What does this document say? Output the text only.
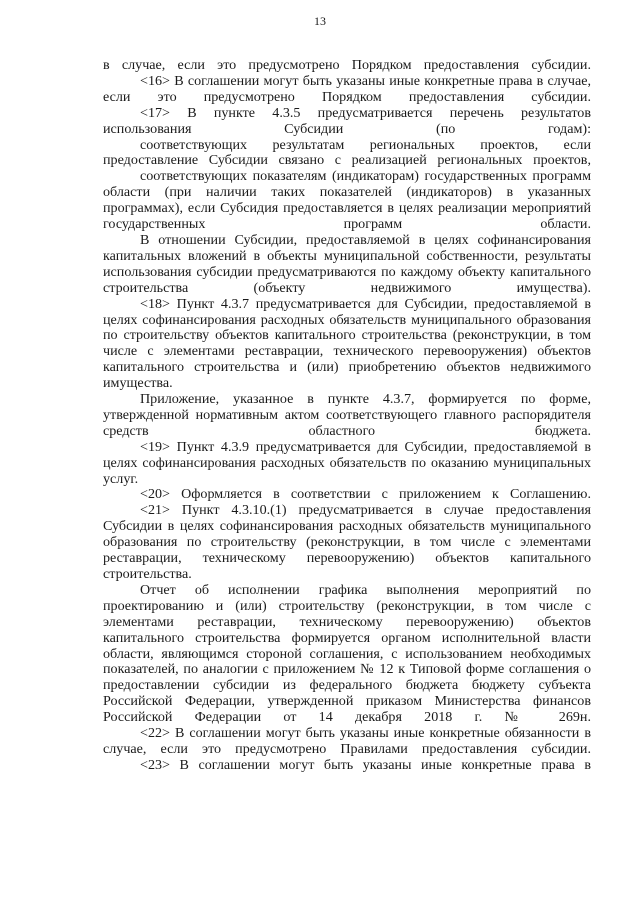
13

в случае, если это предусмотрено Порядком предоставления субсидии.

<16> В соглашении могут быть указаны иные конкретные права в случае, если это предусмотрено Порядком предоставления субсидии.

<17> В пункте 4.3.5 предусматривается перечень результатов использования Субсидии (по годам):

соответствующих результатам региональных проектов, если предоставление Субсидии связано с реализацией региональных проектов,

соответствующих показателям (индикаторам) государственных программ области (при наличии таких показателей (индикаторов) в указанных программах), если Субсидия предоставляется в целях реализации мероприятий государственных программ области.

В отношении Субсидии, предоставляемой в целях софинансирования капитальных вложений в объекты муниципальной собственности, результаты использования субсидии предусматриваются по каждому объекту капитального строительства (объекту недвижимого имущества).

<18> Пункт 4.3.7 предусматривается для Субсидии, предоставляемой в целях софинансирования расходных обязательств муниципального образования по строительству объектов капитального строительства (реконструкции, в том числе с элементами реставрации, технического перевооружения) объектов капитального строительства и (или) приобретению объектов недвижимого имущества.

Приложение, указанное в пункте 4.3.7, формируется по форме, утвержденной нормативным актом соответствующего главного распорядителя средств областного бюджета.

<19> Пункт 4.3.9 предусматривается для Субсидии, предоставляемой в целях софинансирования расходных обязательств по оказанию муниципальных услуг.

<20> Оформляется в соответствии с приложением к Соглашению.

<21> Пункт 4.3.10.(1) предусматривается в случае предоставления Субсидии в целях софинансирования расходных обязательств муниципального образования по строительству (реконструкции, в том числе с элементами реставрации, техническому перевооружению) объектов капитального строительства.

Отчет об исполнении графика выполнения мероприятий по проектированию и (или) строительству (реконструкции, в том числе с элементами реставрации, техническому перевооружению) объектов капитального строительства формируется органом исполнительной власти области, являющимся стороной соглашения, с использованием необходимых показателей, по аналогии с приложением № 12 к Типовой форме соглашения о предоставлении субсидии из федерального бюджета бюджету субъекта Российской Федерации, утвержденной приказом Министерства финансов Российской Федерации от 14 декабря 2018 г. № 269н.

<22> В соглашении могут быть указаны иные конкретные обязанности в случае, если это предусмотрено Правилами предоставления субсидии.

<23> В соглашении могут быть указаны иные конкретные права в
